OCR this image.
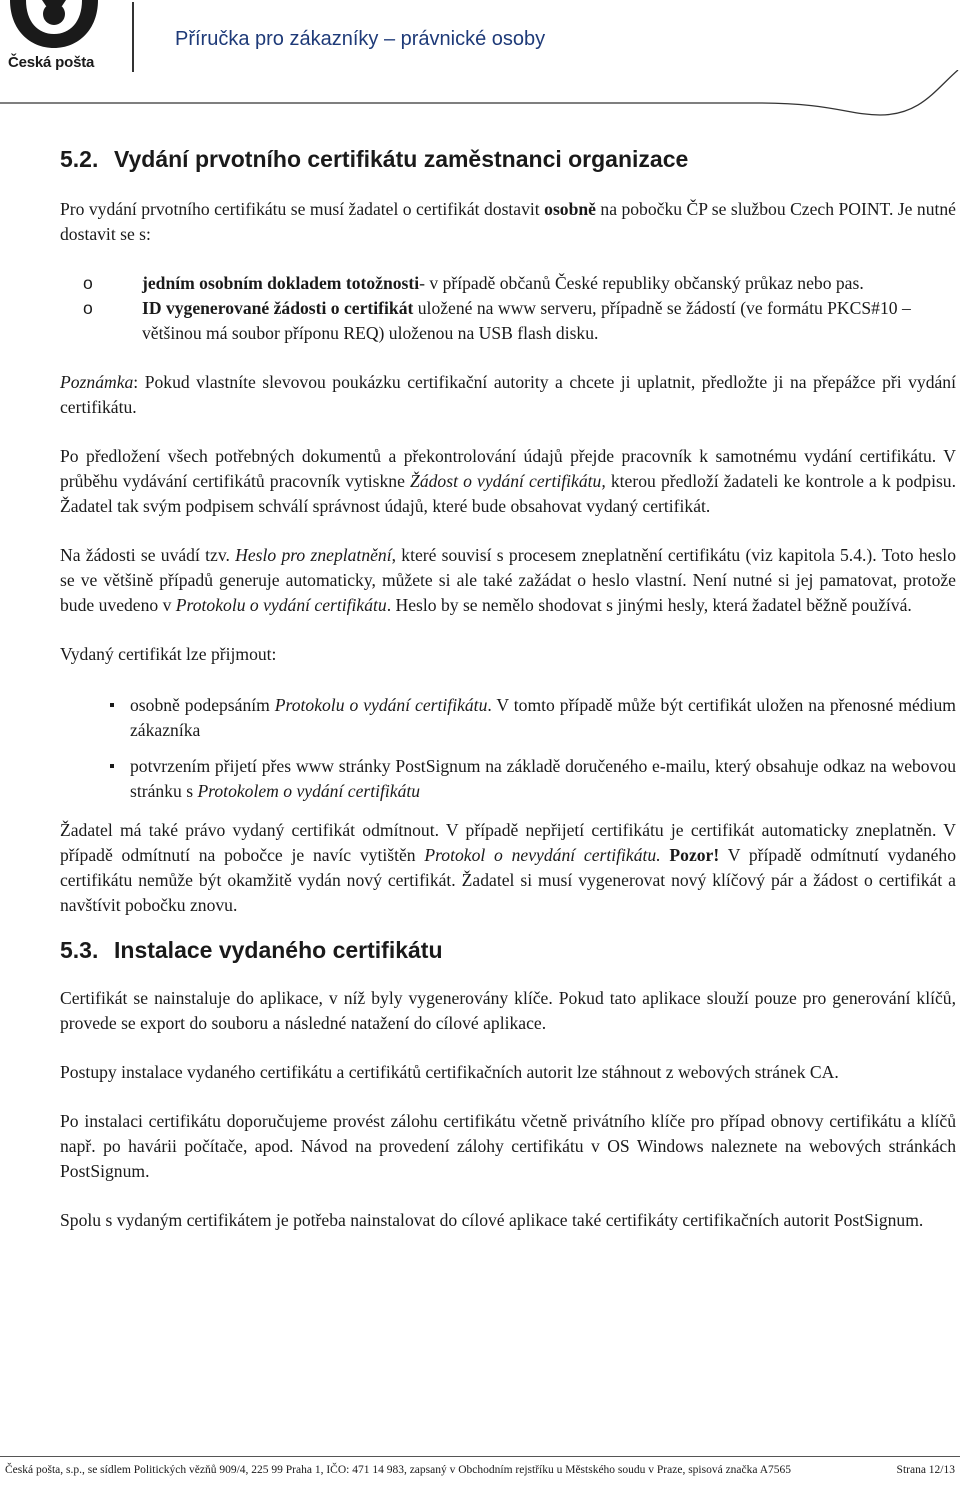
Česká pošta
Příručka pro zákazníky – právnické osoby
5.2. Vydání prvotního certifikátu zaměstnanci organizace

Pro vydání prvotního certifikátu se musí žadatel o certifikát dostavit osobně na pobočku ČP se službou Czech POINT. Je nutné dostavit se s:

o	jedním osobním dokladem totožnosti- v případě občanů České republiky občanský průkaz nebo pas.
o	ID vygenerované žádosti o certifikát uložené na www serveru, případně se žádostí (ve formátu PKCS#10 – většinou má soubor příponu REQ) uloženou na USB flash disku.

Poznámka: Pokud vlastníte slevovou poukázku certifikační autority a chcete ji uplatnit, předložte ji na přepážce při vydání certifikátu.

Po předložení všech potřebných dokumentů a překontrolování údajů přejde pracovník k samotnému vydání certifikátu. V průběhu vydávání certifikátů pracovník vytiskne Žádost o vydání certifikátu, kterou předloží žadateli ke kontrole a k podpisu. Žadatel tak svým podpisem schválí správnost údajů, které bude obsahovat vydaný certifikát.

Na žádosti se uvádí tzv. Heslo pro zneplatnění, které souvisí s procesem zneplatnění certifikátu (viz kapitola 5.4.). Toto heslo se ve většině případů generuje automaticky, můžete si ale také zažádat o heslo vlastní. Není nutné si jej pamatovat, protože bude uvedeno v Protokolu o vydání certifikátu. Heslo by se nemělo shodovat s jinými hesly, která žadatel běžně používá.

Vydaný certifikát lze přijmout:

osobně podepsáním Protokolu o vydání certifikátu. V tomto případě může být certifikát uložen na přenosné médium zákazníka
potvrzením přijetí přes www stránky PostSignum na základě doručeného e-mailu, který obsahuje odkaz na webovou stránku s Protokolem o vydání certifikátu

Žadatel má také právo vydaný certifikát odmítnout. V případě nepřijetí certifikátu je certifikát automaticky zneplatněn. V případě odmítnutí na pobočce je navíc vytištěn Protokol o nevydání certifikátu. Pozor! V případě odmítnutí vydaného certifikátu nemůže být okamžitě vydán nový certifikát. Žadatel si musí vygenerovat nový klíčový pár a žádost o certifikát a navštívit pobočku znovu.

5.3. Instalace vydaného certifikátu

Certifikát se nainstaluje do aplikace, v níž byly vygenerovány klíče. Pokud tato aplikace slouží pouze pro generování klíčů, provede se export do souboru a následné natažení do cílové aplikace.

Postupy instalace vydaného certifikátu a certifikátů certifikačních autorit lze stáhnout z webových stránek CA.

Po instalaci certifikátu doporučujeme provést zálohu certifikátu včetně privátního klíče pro případ obnovy certifikátu a klíčů např. po havárii počítače, apod. Návod na provedení zálohy certifikátu v OS Windows naleznete na webových stránkách PostSignum.

Spolu s vydaným certifikátem je potřeba nainstalovat do cílové aplikace také certifikáty certifikačních autorit PostSignum.

Česká pošta, s.p., se sídlem Politických vězňů 909/4, 225 99 Praha 1, IČO: 471 14 983, zapsaný v Obchodním rejstříku u Městského soudu v Praze, spisová značka A7565	Strana 12/13
